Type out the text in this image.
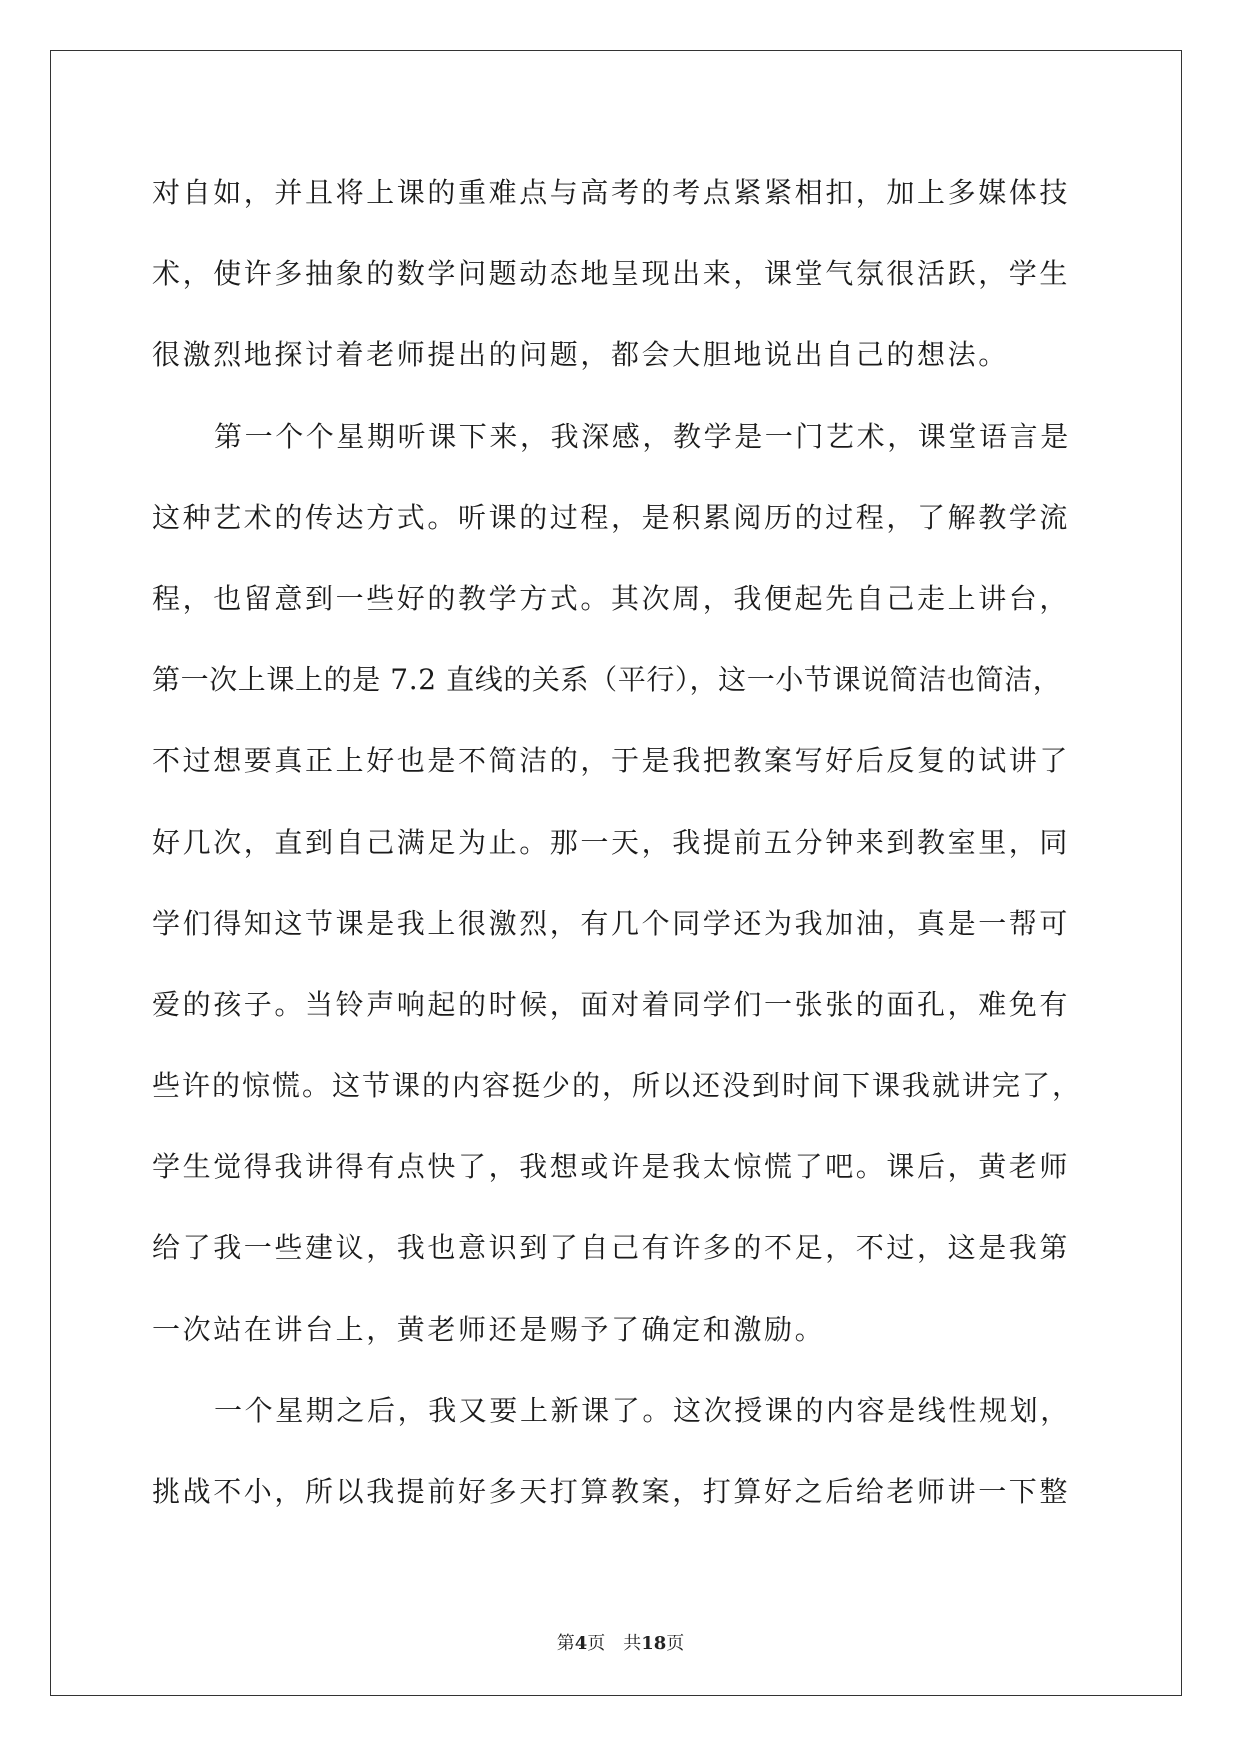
对自如，并且将上课的重难点与高考的考点紧紧相扣，加上多媒体技
术，使许多抽象的数学问题动态地呈现出来，课堂气氛很活跃，学生
很激烈地探讨着老师提出的问题，都会大胆地说出自己的想法。
第一个个星期听课下来，我深感，教学是一门艺术，课堂语言是
这种艺术的传达方式。听课的过程，是积累阅历的过程，了解教学流
程，也留意到一些好的教学方式。其次周，我便起先自己走上讲台，
第一次上课上的是 7.2 直线的关系（平行），这一小节课说简洁也简洁，
不过想要真正上好也是不简洁的，于是我把教案写好后反复的试讲了
好几次，直到自己满足为止。那一天，我提前五分钟来到教室里，同
学们得知这节课是我上很激烈，有几个同学还为我加油，真是一帮可
爱的孩子。当铃声响起的时候，面对着同学们一张张的面孔，难免有
些许的惊慌。这节课的内容挺少的，所以还没到时间下课我就讲完了，
学生觉得我讲得有点快了，我想或许是我太惊慌了吧。课后，黄老师
给了我一些建议，我也意识到了自己有许多的不足，不过，这是我第
一次站在讲台上，黄老师还是赐予了确定和激励。
一个星期之后，我又要上新课了。这次授课的内容是线性规划，
挑战不小，所以我提前好多天打算教案，打算好之后给老师讲一下整
第4页 共18页
